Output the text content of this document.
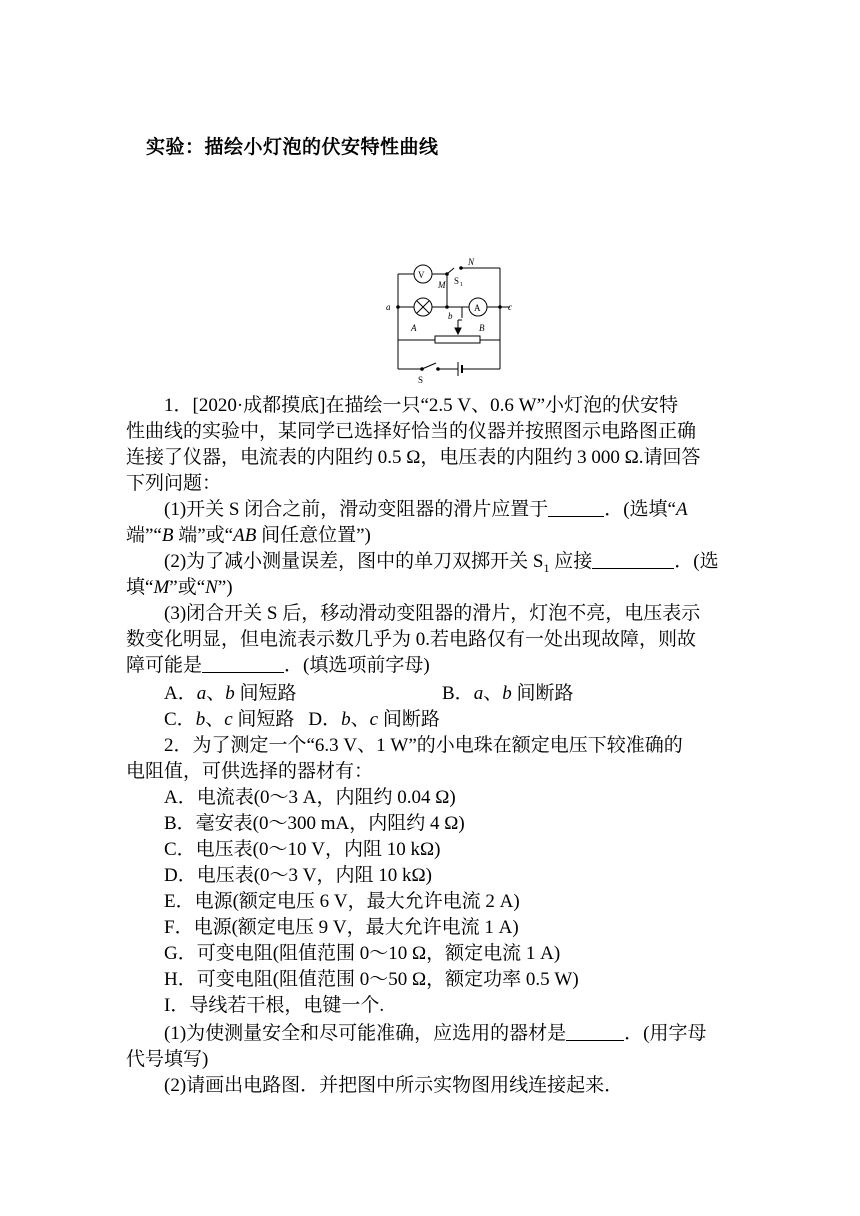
实验：描绘小灯泡的伏安特性曲线
V
A
N
M S 1
a
b
c
A	B
S
1．[2020·成都摸底]在描绘一只“2.5 V、0.6 W”小灯泡的伏安特
性曲线的实验中，某同学已选择好恰当的仪器并按照图示电路图正确
连接了仪器，电流表的内阻约 0.5 Ω，电压表的内阻约 3 000 Ω.请回答
下列问题：
(1)开关 S 闭合之前，滑动变阻器的滑片应置于	．(选填“A
端”“B 端”或“AB 间任意位置”)
(2)为了减小测量误差，图中的单刀双掷开关 $S_1$ 应接	．(选
填“M”或“N”)
(3)闭合开关 S 后，移动滑动变阻器的滑片，灯泡不亮，电压表示
数变化明显，但电流表示数几乎为 0.若电路仅有一处出现故障，则故
障可能是	．(填选项前字母)
A．a、b 间短路	B．a、b 间断路
C．b、c 间短路 D．b、c 间断路
2．为了测定一个“6.3 V、1 W”的小电珠在额定电压下较准确的
电阻值，可供选择的器材有：
A．电流表(0～3 A，内阻约 0.04 Ω)
B．毫安表(0～300 mA，内阻约 4 Ω)
C．电压表(0～10 V，内阻 10 kΩ)
D．电压表(0～3 V，内阻 10 kΩ)
E．电源(额定电压 6 V，最大允许电流 2 A)
F．电源(额定电压 9 V，最大允许电流 1 A)
G．可变电阻(阻值范围 0～10 Ω，额定电流 1 A)
H．可变电阻(阻值范围 0～50 Ω，额定功率 0.5 W)
I．导线若干根，电键一个.
(1)为使测量安全和尽可能准确，应选用的器材是	．(用字母
代号填写)
(2)请画出电路图．并把图中所示实物图用线连接起来．
